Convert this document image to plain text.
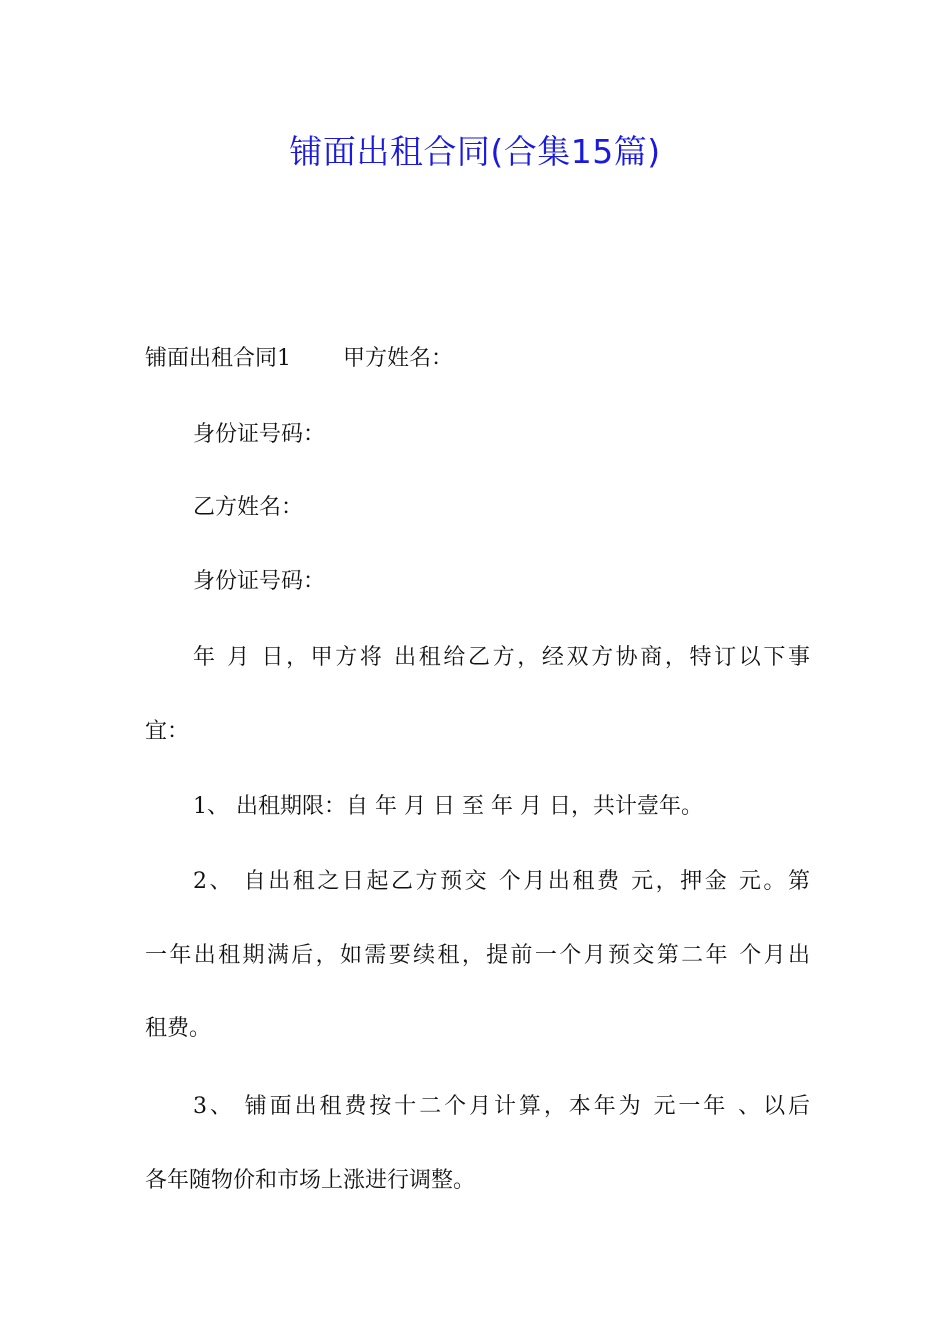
铺面出租合同(合集15篇)

铺面出租合同1 甲方姓名：

身份证号码：

乙方姓名：

身份证号码：

年 月 日，甲方将 出租给乙方，经双方协商，特订以下事

宜：

1、 出租期限：自 年 月 日 至 年 月 日，共计壹年。

2、 自出租之日起乙方预交 个月出租费 元，押金 元。第

一年出租期满后，如需要续租，提前一个月预交第二年 个月出

租费。

3、 铺面出租费按十二个月计算，本年为 元一年 、以后

各年随物价和市场上涨进行调整。
